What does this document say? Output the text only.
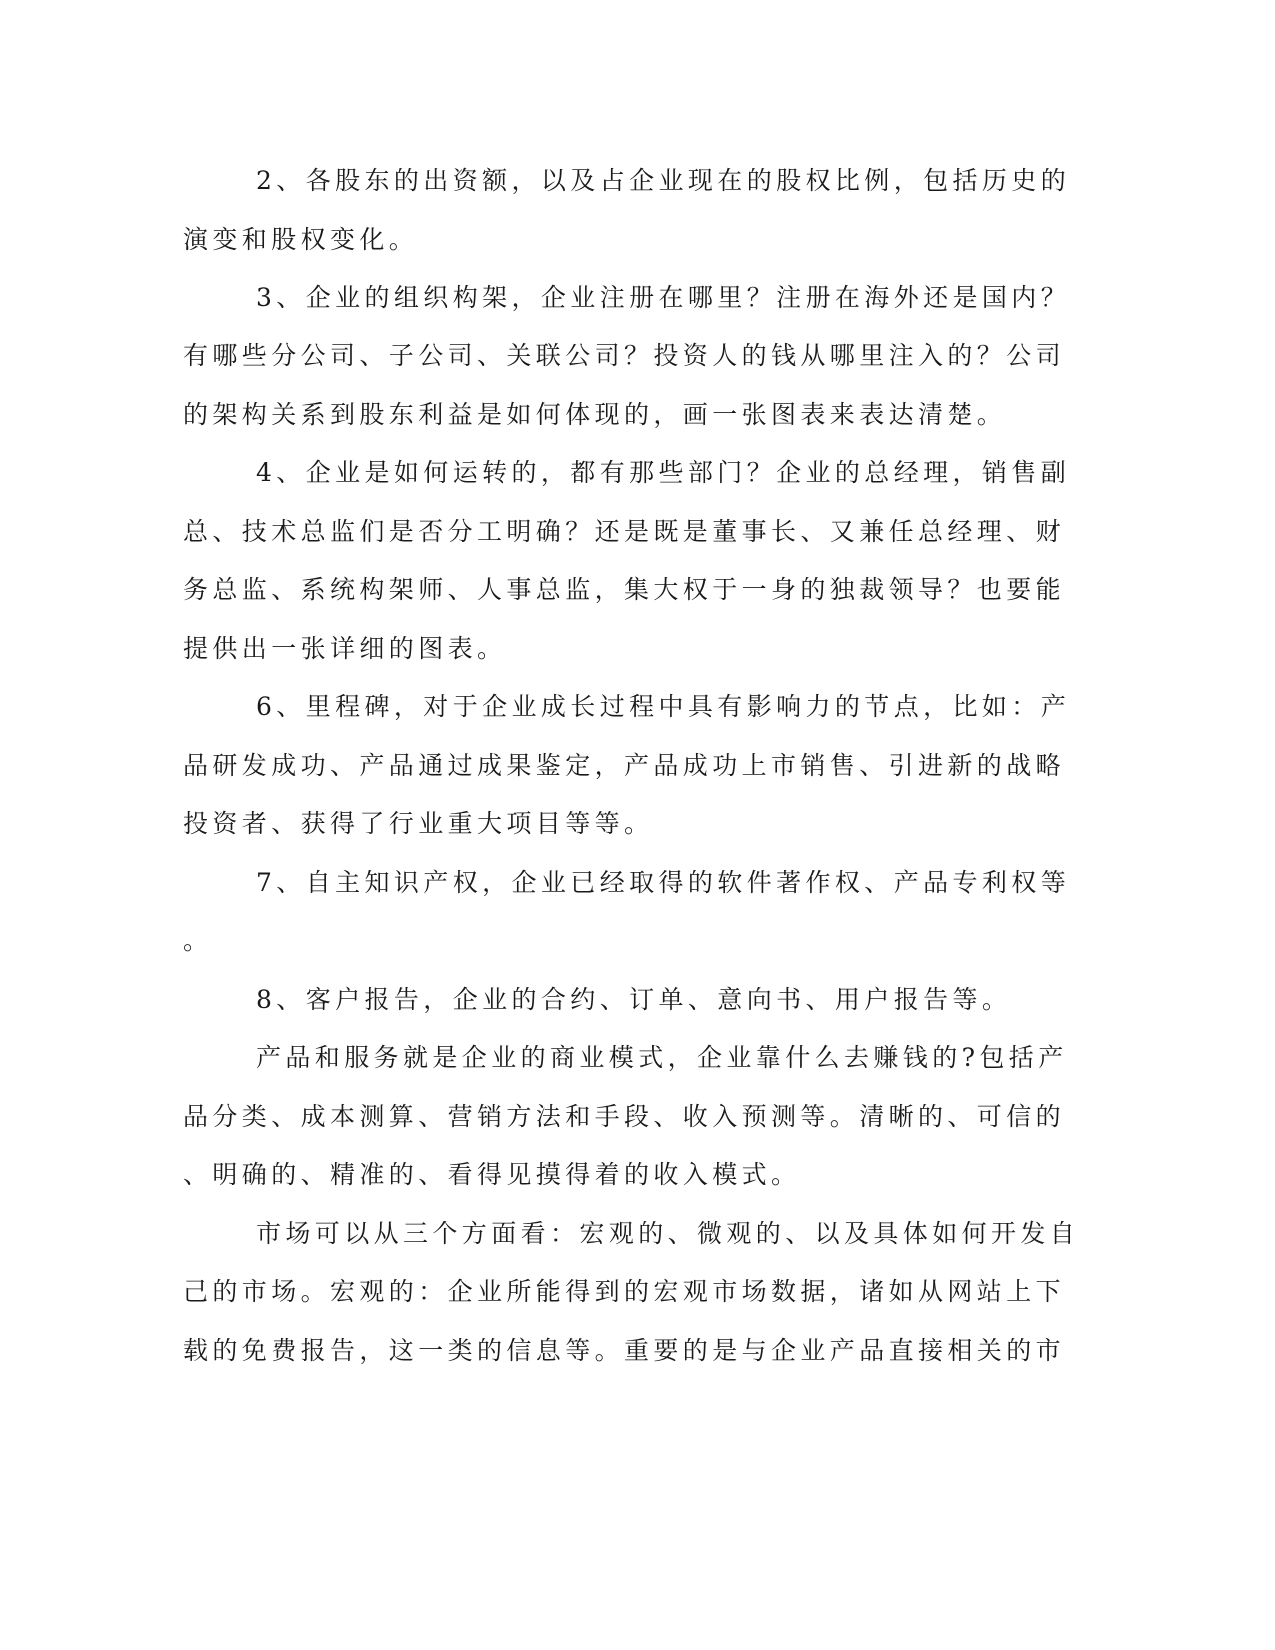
2、各股东的出资额，以及占企业现在的股权比例，包括历史的
演变和股权变化。
3、企业的组织构架，企业注册在哪里？注册在海外还是国内？
有哪些分公司、子公司、关联公司？投资人的钱从哪里注入的？公司
的架构关系到股东利益是如何体现的，画一张图表来表达清楚。
4、企业是如何运转的，都有那些部门？企业的总经理，销售副
总、技术总监们是否分工明确？还是既是董事长、又兼任总经理、财
务总监、系统构架师、人事总监，集大权于一身的独裁领导？也要能
提供出一张详细的图表。
6、里程碑，对于企业成长过程中具有影响力的节点，比如：产
品研发成功、产品通过成果鉴定，产品成功上市销售、引进新的战略
投资者、获得了行业重大项目等等。
7、自主知识产权，企业已经取得的软件著作权、产品专利权等
。
8、客户报告，企业的合约、订单、意向书、用户报告等。
产品和服务就是企业的商业模式，企业靠什么去赚钱的?包括产
品分类、成本测算、营销方法和手段、收入预测等。清晰的、可信的
、明确的、精准的、看得见摸得着的收入模式。
市场可以从三个方面看：宏观的、微观的、以及具体如何开发自
己的市场。宏观的：企业所能得到的宏观市场数据，诸如从网站上下
载的免费报告，这一类的信息等。重要的是与企业产品直接相关的市
